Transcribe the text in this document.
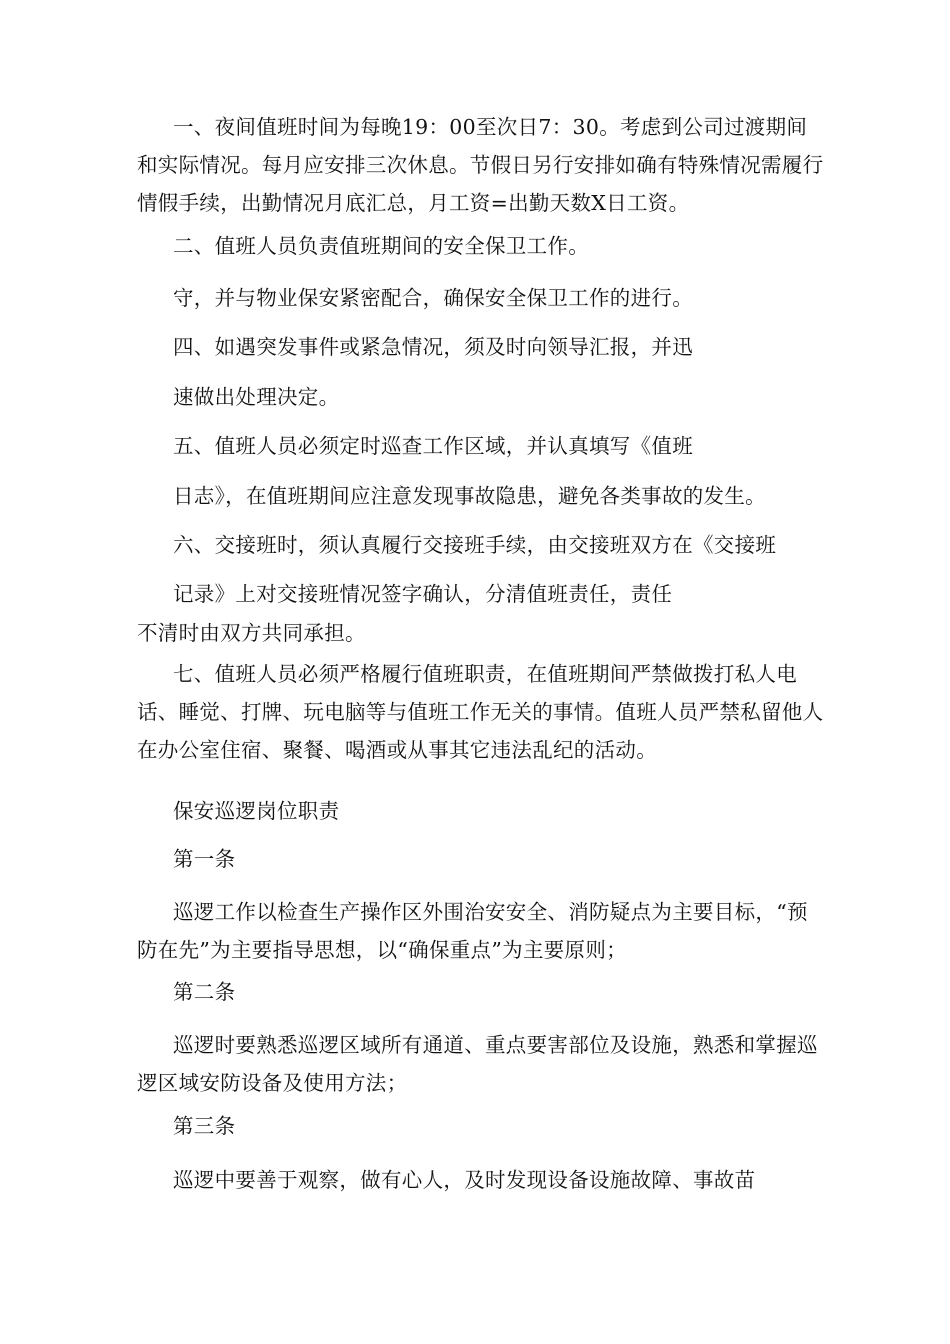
一、夜间值班时间为每晚19：00至次日7：30。考虑到公司过渡期间和实际情况。每月应安排三次休息。节假日另行安排如确有特殊情况需履行情假手续，出勤情况月底汇总，月工资=出勤天数X日工资。

二、值班人员负责值班期间的安全保卫工作。
守，并与物业保安紧密配合，确保安全保卫工作的进行。
四、如遇突发事件或紧急情况，须及时向领导汇报，并迅
速做出处理决定。
五、值班人员必须定时巡查工作区域，并认真填写《值班
日志》，在值班期间应注意发现事故隐患，避免各类事故的发生。
六、交接班时，须认真履行交接班手续，由交接班双方在《交接班
记录》上对交接班情况签字确认，分清值班责任，责任
不清时由双方共同承担。

七、值班人员必须严格履行值班职责，在值班期间严禁做拨打私人电话、睡觉、打牌、玩电脑等与值班工作无关的事情。值班人员严禁私留他人在办公室住宿、聚餐、喝酒或从事其它违法乱纪的活动。

保安巡逻岗位职责
第一条

巡逻工作以检查生产操作区外围治安安全、消防疑点为主要目标，“预防在先”为主要指导思想，以“确保重点”为主要原则；

第二条

巡逻时要熟悉巡逻区域所有通道、重点要害部位及设施，熟悉和掌握巡逻区域安防设备及使用方法；

第三条
巡逻中要善于观察，做有心人，及时发现设备设施故障、事故苗
